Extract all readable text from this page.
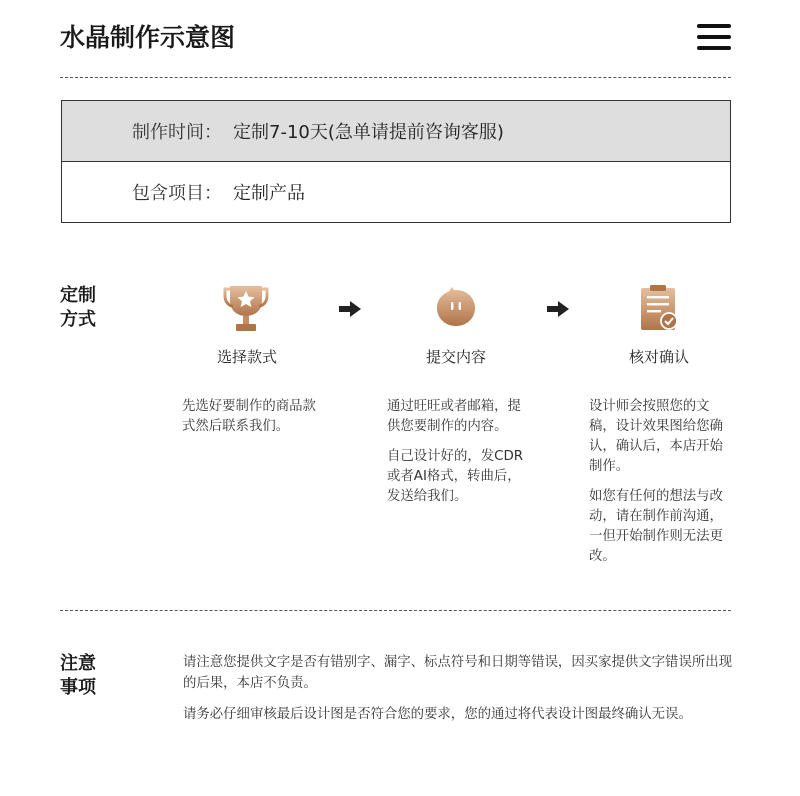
水晶制作示意图
制作时间： 定制7-10天(急单请提前咨询客服)
包含项目： 定制产品
定制
方式
选择款式	提交内容	核对确认

先选好要制作的商品款式然后联系我们。

通过旺旺或者邮箱，提供您要制作的内容。

自己设计好的，发CDR或者AI格式，转曲后，发送给我们。

设计师会按照您的文稿，设计效果图给您确认，确认后，本店开始制作。

如您有任何的想法与改动，请在制作前沟通，一但开始制作则无法更改。

注意
事项

请注意您提供文字是否有错别字、漏字、标点符号和日期等错误，因买家提供文字错误所出现的后果，本店不负责。

请务必仔细审核最后设计图是否符合您的要求，您的通过将代表设计图最终确认无误。
